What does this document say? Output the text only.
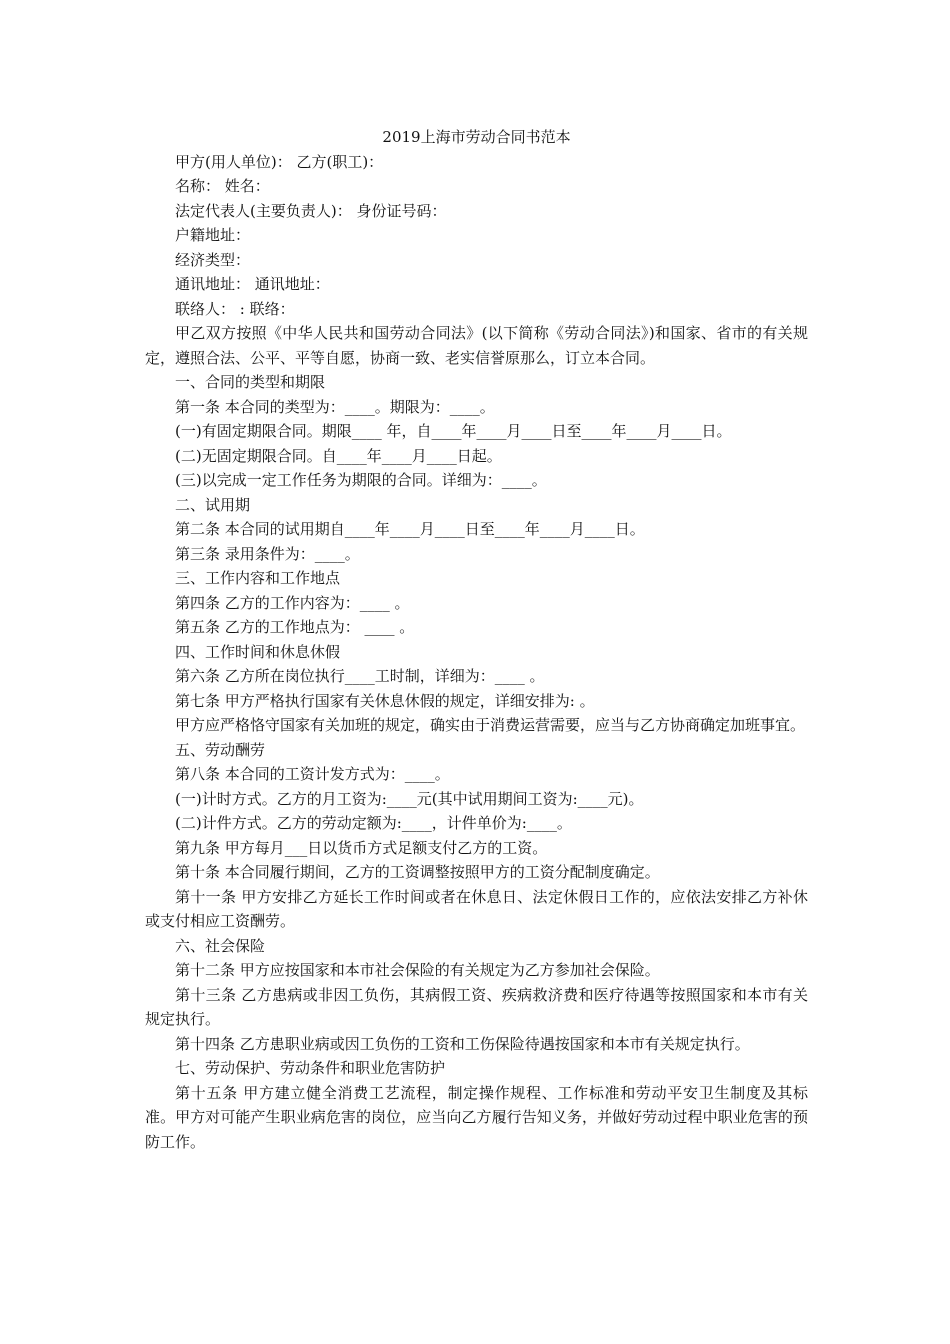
2019上海市劳动合同书范本

甲方(用人单位)： 乙方(职工)：

名称： 姓名：

法定代表人(主要负责人)： 身份证号码：

户籍地址：

经济类型：

通讯地址： 通讯地址：

联络人： : 联络：

甲乙双方按照《中华人民共和国劳动合同法》(以下简称《劳动合同法》)和国家、省市的有关规定，遵照合法、公平、平等自愿，协商一致、老实信誉原那么，订立本合同。

一、合同的类型和期限

第一条 本合同的类型为：____。期限为：____。

(一)有固定期限合同。期限____ 年，自____年____月____日至____年____月____日。

(二)无固定期限合同。自____年____月____日起。

(三)以完成一定工作任务为期限的合同。详细为：____。

二、试用期

第二条 本合同的试用期自____年____月____日至____年____月____日。

第三条 录用条件为：____。

三、工作内容和工作地点

第四条 乙方的工作内容为：____ 。

第五条 乙方的工作地点为： ____ 。

四、工作时间和休息休假

第六条 乙方所在岗位执行____工时制，详细为：____ 。

第七条 甲方严格执行国家有关休息休假的规定，详细安排为: 。

甲方应严格恪守国家有关加班的规定，确实由于消费运营需要，应当与乙方协商确定加班事宜。

五、劳动酬劳

第八条 本合同的工资计发方式为：____。

(一)计时方式。乙方的月工资为:____元(其中试用期间工资为:____元)。

(二)计件方式。乙方的劳动定额为:____，计件单价为:____。

第九条 甲方每月___日以货币方式足额支付乙方的工资。

第十条 本合同履行期间，乙方的工资调整按照甲方的工资分配制度确定。

第十一条 甲方安排乙方延长工作时间或者在休息日、法定休假日工作的，应依法安排乙方补休或支付相应工资酬劳。

六、社会保险

第十二条 甲方应按国家和本市社会保险的有关规定为乙方参加社会保险。

第十三条 乙方患病或非因工负伤，其病假工资、疾病救济费和医疗待遇等按照国家和本市有关规定执行。

第十四条 乙方患职业病或因工负伤的工资和工伤保险待遇按国家和本市有关规定执行。

七、劳动保护、劳动条件和职业危害防护

第十五条 甲方建立健全消费工艺流程，制定操作规程、工作标准和劳动平安卫生制度及其标准。甲方对可能产生职业病危害的岗位，应当向乙方履行告知义务，并做好劳动过程中职业危害的预防工作。
